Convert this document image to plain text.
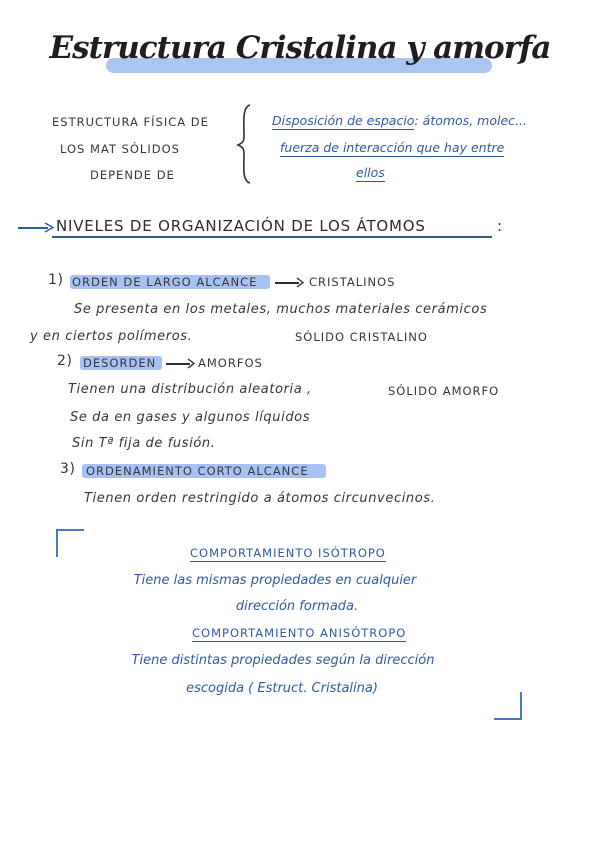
Estructura Cristalina y amorfa
ESTRUCTURA FÍSICA DE
LOS MAT SÓLIDOS
DEPENDE DE
Disposición de espacio: átomos, molec...
fuerza de interacción que hay entre
ellos
NIVELES DE ORGANIZACIÓN DE LOS ÁTOMOS	:
1) ORDEN DE LARGO ALCANCE	CRISTALINOS
Se presenta en los metales, muchos materiales cerámicos
y en ciertos polímeros.	SÓLIDO CRISTALINO
2) DESORDEN	AMORFOS
Tienen una distribución aleatoria ,	SÓLIDO AMORFO
Se da en gases y algunos líquidos
Sin Tª fija de fusión.
3) ORDENAMIENTO CORTO ALCANCE
Tienen orden restringido a átomos circunvecinos.
COMPORTAMIENTO ISÓTROPO
Tiene las mismas propiedades en cualquier
dirección formada.
COMPORTAMIENTO ANISÓTROPO
Tiene distintas propiedades según la dirección
escogida ( Estruct. Cristalina)
